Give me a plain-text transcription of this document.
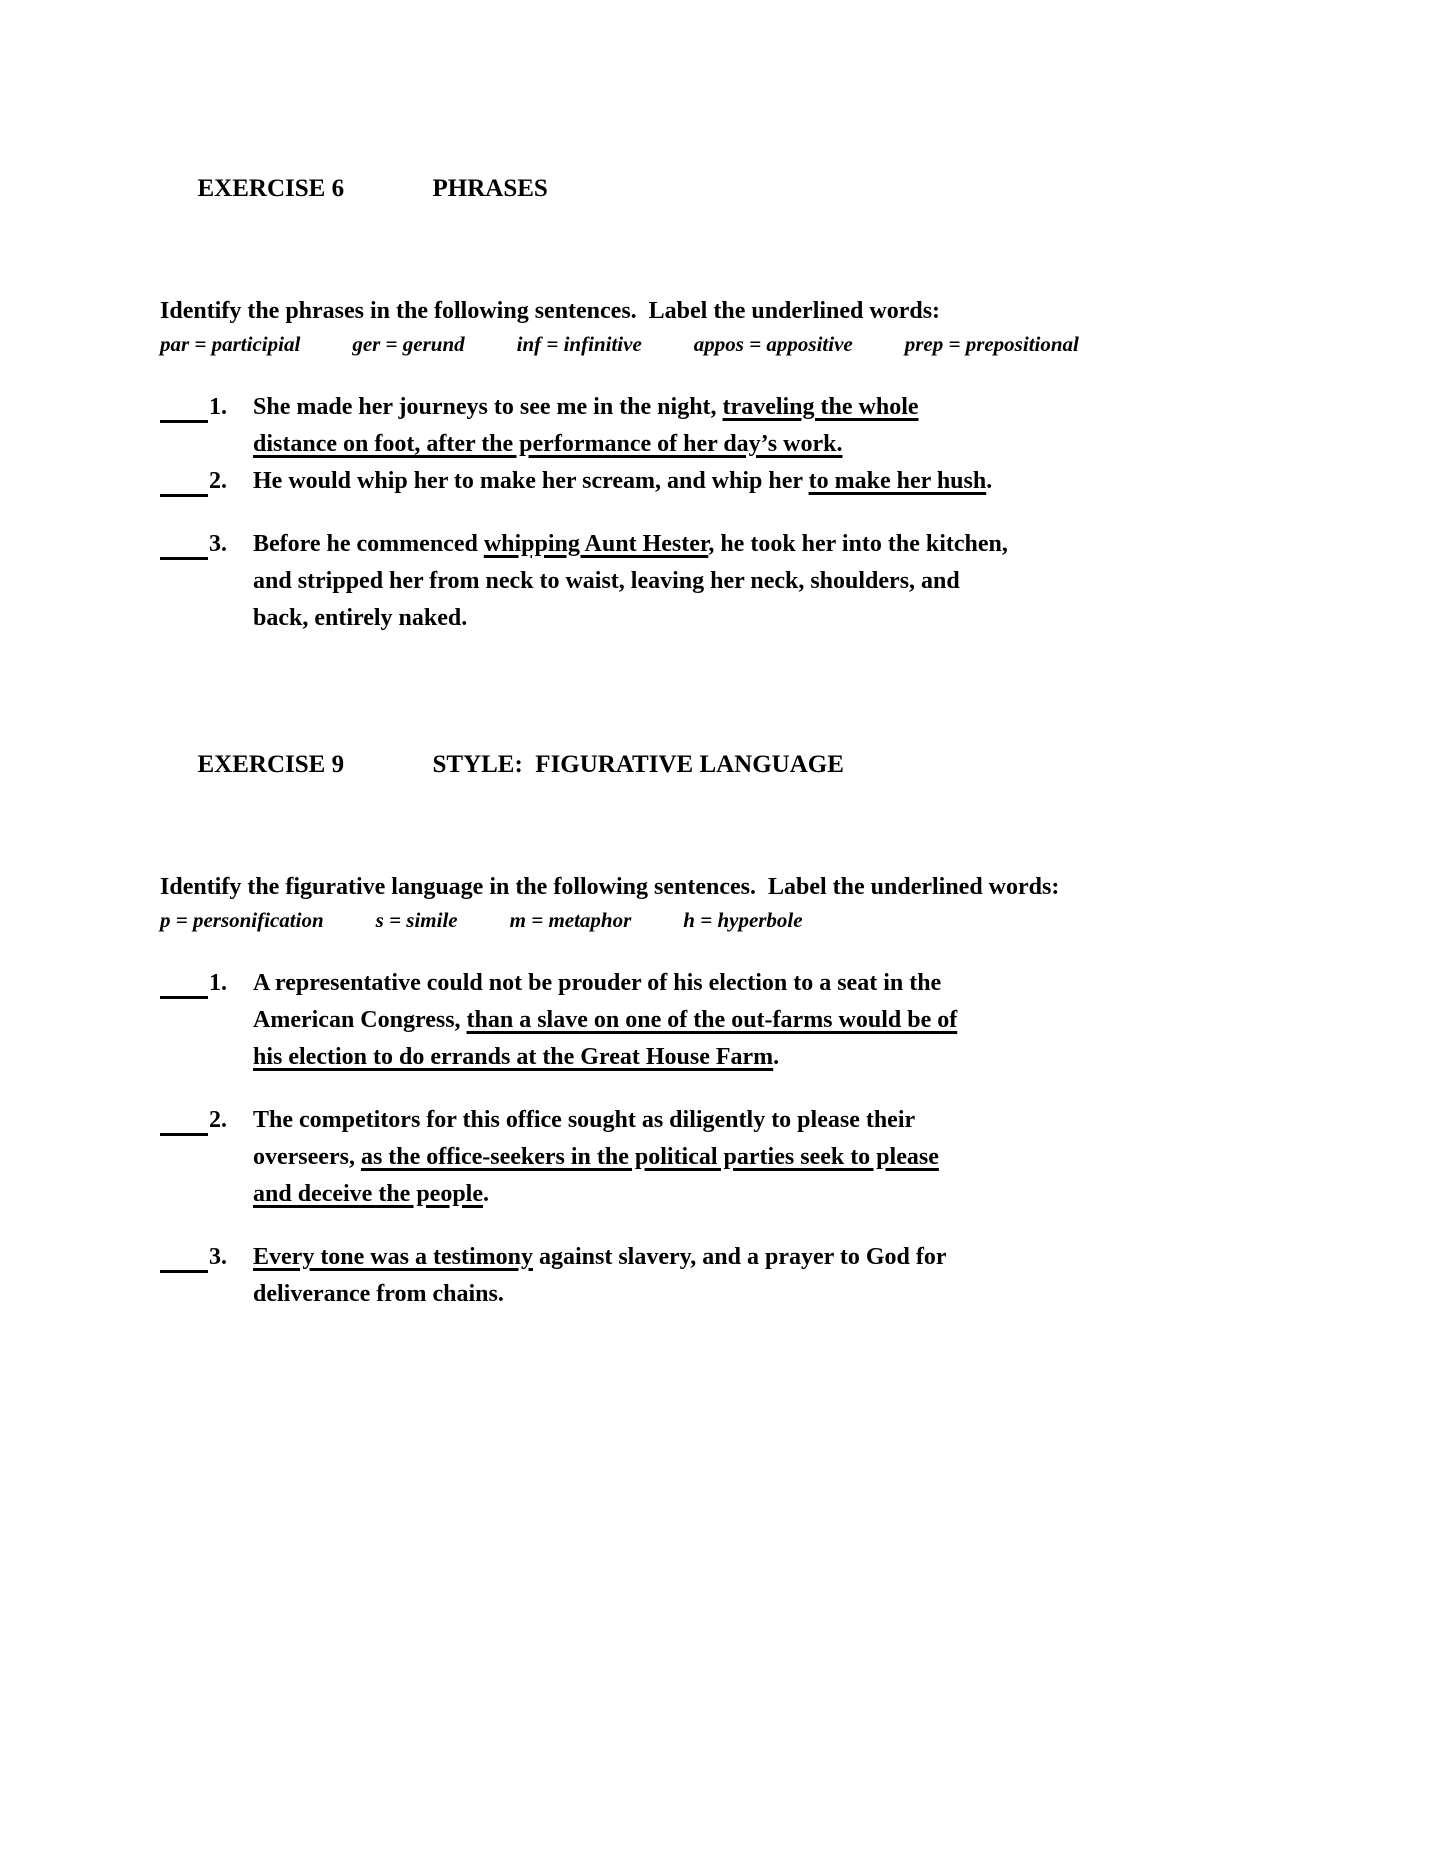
EXERCISE 6	PHRASES

Identify the phrases in the following sentences.  Label the underlined words:

par = participial ger = gerund inf = infinitive appos = appositive prep = prepositional
1.	She made her journeys to see me in the night, traveling the whole
distance on foot, after the performance of her day’s work.
2.	He would whip her to make her scream, and whip her to make her hush.
3.	Before he commenced whipping Aunt Hester, he took her into the kitchen,
and stripped her from neck to waist, leaving her neck, shoulders, and
back, entirely naked.

EXERCISE 9	STYLE:  FIGURATIVE LANGUAGE

Identify the figurative language in the following sentences.  Label the underlined words:

p = personification s = simile m = metaphor h = hyperbole
1.	A representative could not be prouder of his election to a seat in the
American Congress, than a slave on one of the out-farms would be of
his election to do errands at the Great House Farm.
2.	The competitors for this office sought as diligently to please their
overseers, as the office-seekers in the political parties seek to please
and deceive the people.
3.	Every tone was a testimony against slavery, and a prayer to God for
deliverance from chains.
